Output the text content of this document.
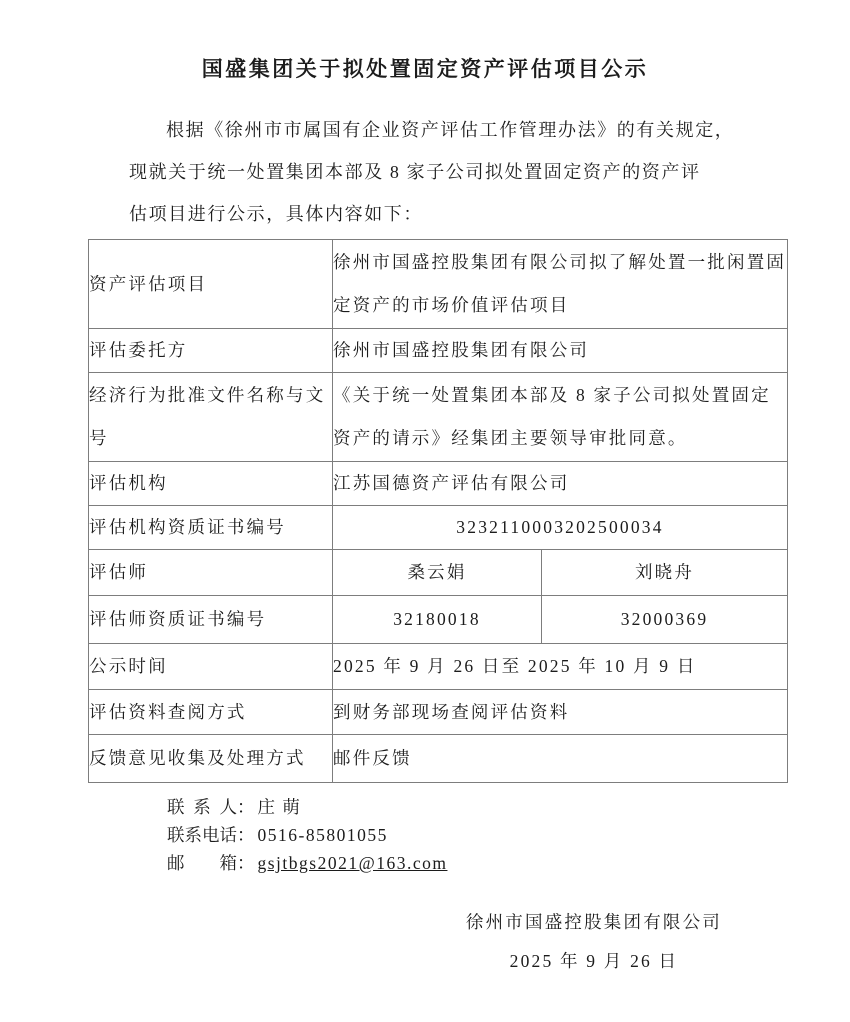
国盛集团关于拟处置固定资产评估项目公示
根据《徐州市市属国有企业资产评估工作管理办法》的有关规定，
现就关于统一处置集团本部及 8 家子公司拟处置固定资产的资产评
估项目进行公示，具体内容如下：
资产评估项目	徐州市国盛控股集团有限公司拟了解处置一批闲置固定资产的市场价值评估项目	
评估委托方	徐州市国盛控股集团有限公司	
经济行为批准文件名称与文号	《关于统一处置集团本部及 8 家子公司拟处置固定资产的请示》经集团主要领导审批同意。	
评估机构	江苏国德资产评估有限公司	
评估机构资质证书编号	3232110003202500034	
评估师	桑云娟	刘晓舟
评估师资质证书编号	32180018	32000369
公示时间	2025 年 9 月 26 日至 2025 年 10 月 9 日	
评估资料查阅方式	到财务部现场查阅评估资料	
反馈意见收集及处理方式	邮件反馈	
联系人： 庄 萌
联系电话： 0516-85801055
邮箱： gsjtbgs2021@163.com
徐州市国盛控股集团有限公司
2025 年 9 月 26 日
